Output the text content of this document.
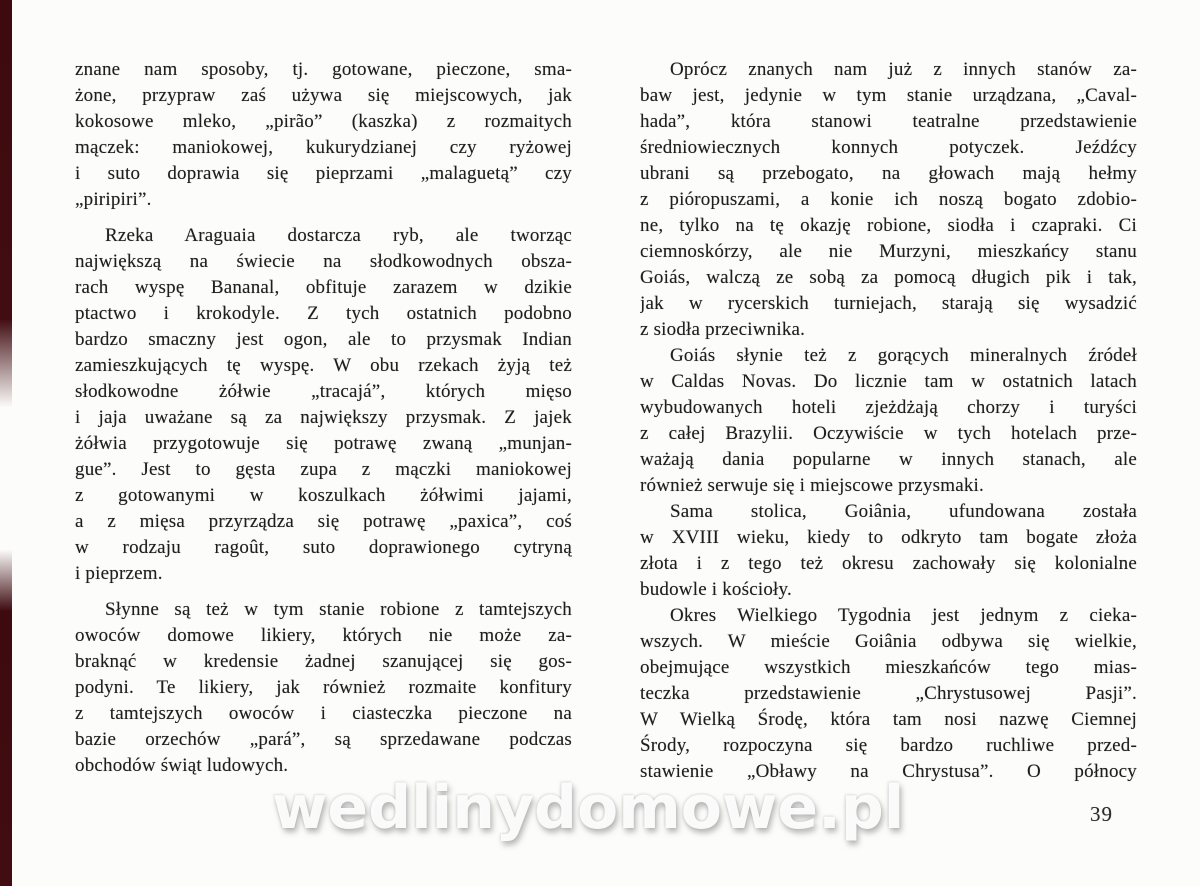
znane nam sposoby, tj. gotowane, pieczone, sma-
żone, przypraw zaś używa się miejscowych, jak
kokosowe mleko, „pirão” (kaszka) z rozmaitych
mączek: maniokowej, kukurydzianej czy ryżowej
i suto doprawia się pieprzami „malaguetą” czy
„piripiri”.
Rzeka Araguaia dostarcza ryb, ale tworząc
największą na świecie na słodkowodnych obsza-
rach wyspę Bananal, obfituje zarazem w dzikie
ptactwo i krokodyle. Z tych ostatnich podobno
bardzo smaczny jest ogon, ale to przysmak Indian
zamieszkujących tę wyspę. W obu rzekach żyją też
słodkowodne żółwie „tracajá”, których mięso
i jaja uważane są za największy przysmak. Z jajek
żółwia przygotowuje się potrawę zwaną „munjan-
gue”. Jest to gęsta zupa z mączki maniokowej
z gotowanymi w koszulkach żółwimi jajami,
a z mięsa przyrządza się potrawę „paxica”, coś
w rodzaju ragoût, suto doprawionego cytryną
i pieprzem.
Słynne są też w tym stanie robione z tamtejszych
owoców domowe likiery, których nie może za-
braknąć w kredensie żadnej szanującej się gos-
podyni. Te likiery, jak również rozmaite konfitury
z tamtejszych owoców i ciasteczka pieczone na
bazie orzechów „pará”, są sprzedawane podczas
obchodów świąt ludowych.
Oprócz znanych nam już z innych stanów za-
baw jest, jedynie w tym stanie urządzana, „Caval-
hada”, która stanowi teatralne przedstawienie
średniowiecznych konnych potyczek. Jeźdźcy
ubrani są przebogato, na głowach mają hełmy
z pióropuszami, a konie ich noszą bogato zdobio-
ne, tylko na tę okazję robione, siodła i czapraki. Ci
ciemnoskórzy, ale nie Murzyni, mieszkańcy stanu
Goiás, walczą ze sobą za pomocą długich pik i tak,
jak w rycerskich turniejach, starają się wysadzić
z siodła przeciwnika.
Goiás słynie też z gorących mineralnych źródeł
w Caldas Novas. Do licznie tam w ostatnich latach
wybudowanych hoteli zjeżdżają chorzy i turyści
z całej Brazylii. Oczywiście w tych hotelach prze-
ważają dania popularne w innych stanach, ale
również serwuje się i miejscowe przysmaki.
Sama stolica, Goiânia, ufundowana została
w XVIII wieku, kiedy to odkryto tam bogate złoża
złota i z tego też okresu zachowały się kolonialne
budowle i kościoły.
Okres Wielkiego Tygodnia jest jednym z cieka-
wszych. W mieście Goiânia odbywa się wielkie,
obejmujące wszystkich mieszkańców tego mias-
teczka przedstawienie „Chrystusowej Pasji”.
W Wielką Środę, która tam nosi nazwę Ciemnej
Środy, rozpoczyna się bardzo ruchliwe przed-
stawienie „Obławy na Chrystusa”. O północy
wedlinydomowe.pl	39
